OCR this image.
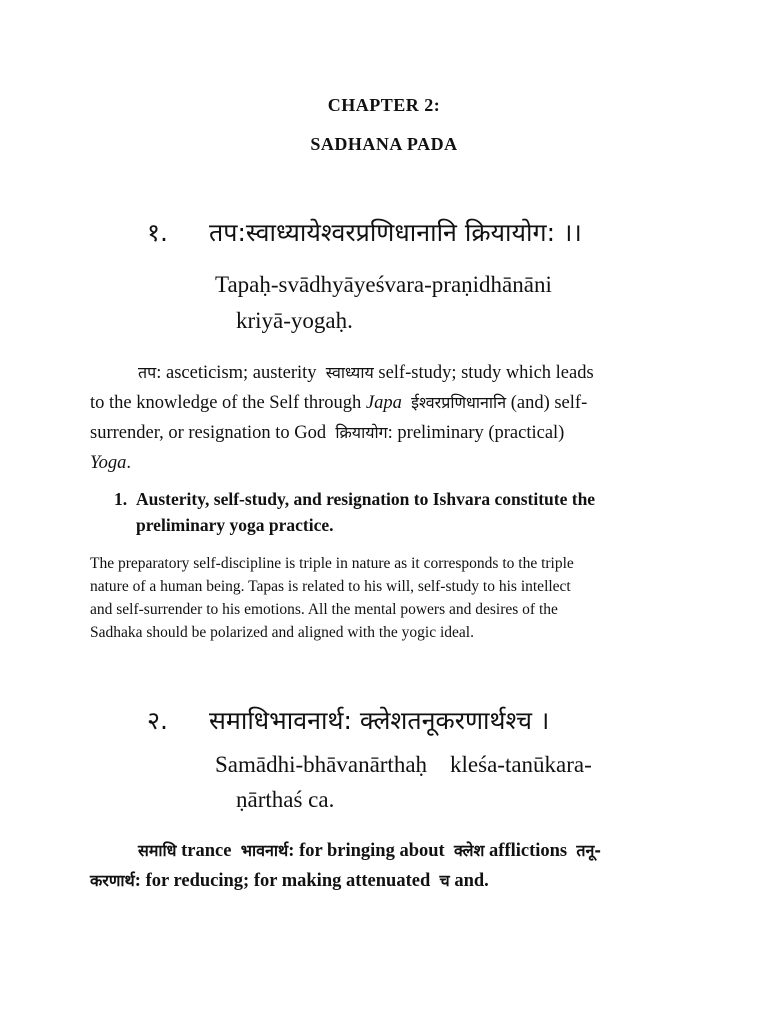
CHAPTER 2:
SADHANA PADA
१. तप:स्वाध्यायेश्वरप्रणिधानानि क्रियायोग: ।।
Tapaḥ-svādhyāyeśvara-praṇidhānāni
kriyā-yogaḥ.
तप: asceticism; austerity स्वाध्याय self-study; study which leads
to the knowledge of the Self through Japa ईश्वरप्रणिधानानि (and) self-
surrender, or resignation to God क्रियायोग: preliminary (practical)
Yoga.
1. Austerity, self-study, and resignation to Ishvara constitute the
preliminary yoga practice.
The preparatory self-discipline is triple in nature as it corresponds to the triple
nature of a human being. Tapas is related to his will, self-study to his intellect
and self-surrender to his emotions. All the mental powers and desires of the
Sadhaka should be polarized and aligned with the yogic ideal.
२. समाधिभावनार्थ: क्लेशतनूकरणार्थश्च ।
Samādhi-bhāvanārthaḥ kleśa-tanūkara-
ṇārthaś ca.
समाधि trance भावनार्थ: for bringing about क्लेश afflictions तनू-
करणार्थ: for reducing; for making attenuated च and.
